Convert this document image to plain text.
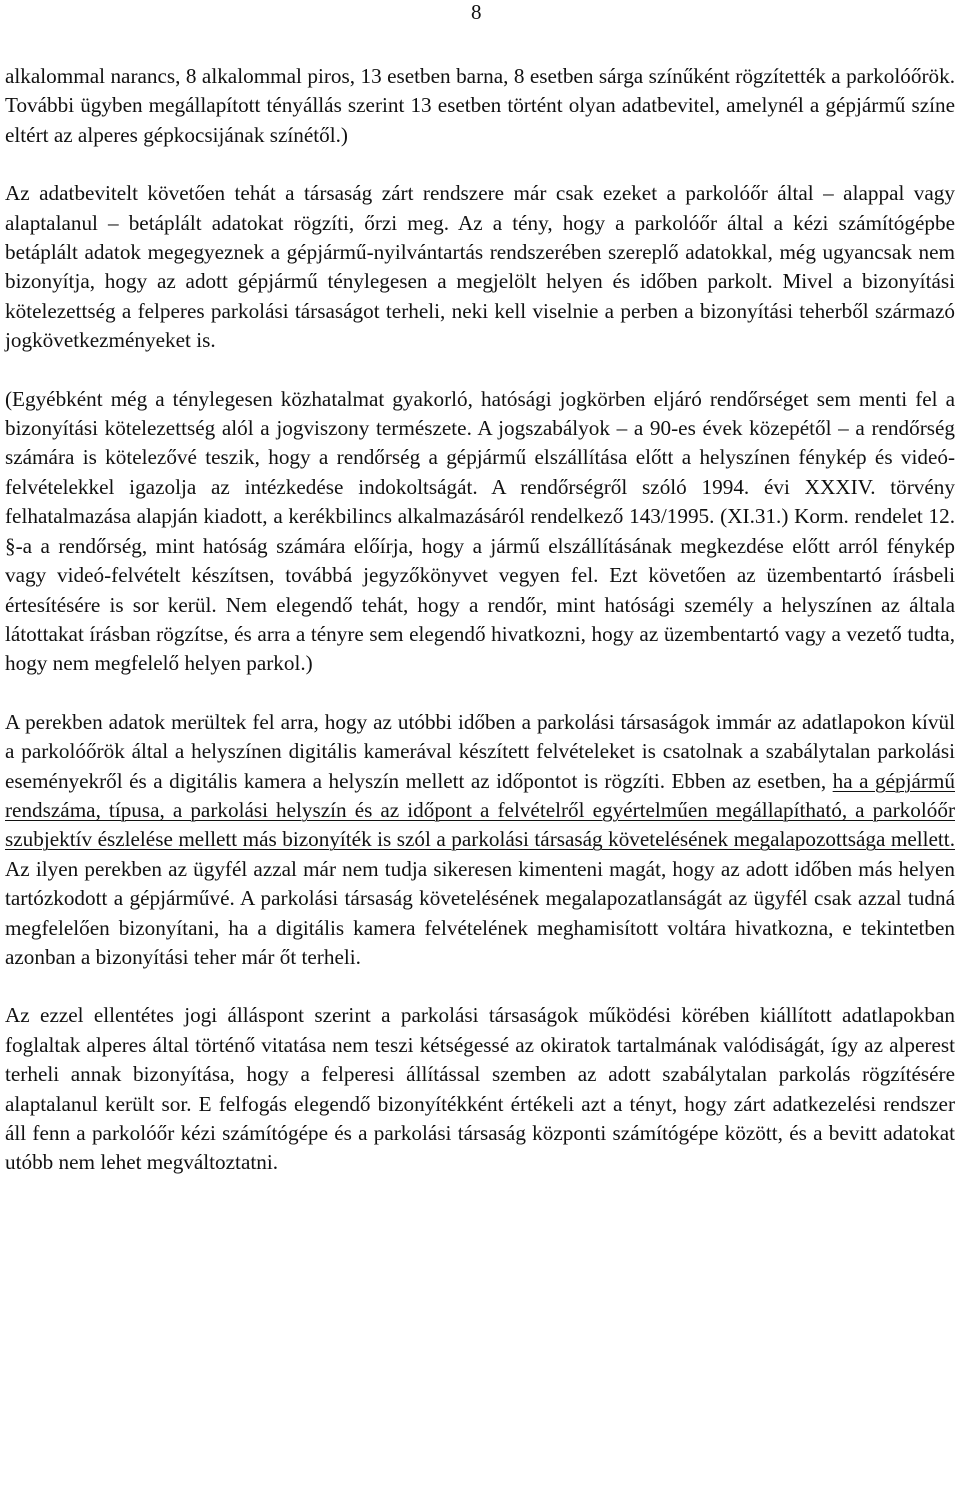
8

alkalommal narancs, 8 alkalommal piros, 13 esetben barna, 8 esetben sárga színűként rögzítették a parkolóőrök. További ügyben megállapított tényállás szerint 13 esetben történt olyan adatbevitel, amelynél a gépjármű színe eltért az alperes gépkocsijának színétől.)

Az adatbevitelt követően tehát a társaság zárt rendszere már csak ezeket a parkolóőr által – alappal vagy alaptalanul – betáplált adatokat rögzíti, őrzi meg. Az a tény, hogy a parkolóőr által a kézi számítógépbe betáplált adatok megegyeznek a gépjármű-nyilvántartás rendszerében szereplő adatokkal, még ugyancsak nem bizonyítja, hogy az adott gépjármű ténylegesen a megjelölt helyen és időben parkolt. Mivel a bizonyítási kötelezettség a felperes parkolási társaságot terheli, neki kell viselnie a perben a bizonyítási teherből származó jogkövetkezményeket is.

(Egyébként még a ténylegesen közhatalmat gyakorló, hatósági jogkörben eljáró rendőrséget sem menti fel a bizonyítási kötelezettség alól a jogviszony természete. A jogszabályok – a 90-es évek közepétől – a rendőrség számára is kötelezővé teszik, hogy a rendőrség a gépjármű elszállítása előtt a helyszínen fénykép és videó-felvételekkel igazolja az intézkedése indokoltságát. A rendőrségről szóló 1994. évi XXXIV. törvény felhatalmazása alapján kiadott, a kerékbilincs alkalmazásáról rendelkező 143/1995. (XI.31.) Korm. rendelet 12. §-a a rendőrség, mint hatóság számára előírja, hogy a jármű elszállításának megkezdése előtt arról fénykép vagy videó-felvételt készítsen, továbbá jegyzőkönyvet vegyen fel. Ezt követően az üzembentartó írásbeli értesítésére is sor kerül. Nem elegendő tehát, hogy a rendőr, mint hatósági személy a helyszínen az általa látottakat írásban rögzítse, és arra a tényre sem elegendő hivatkozni, hogy az üzembentartó vagy a vezető tudta, hogy nem megfelelő helyen parkol.)

A perekben adatok merültek fel arra, hogy az utóbbi időben a parkolási társaságok immár az adatlapokon kívül a parkolóőrök által a helyszínen digitális kamerával készített felvételeket is csatolnak a szabálytalan parkolási eseményekről és a digitális kamera a helyszín mellett az időpontot is rögzíti. Ebben az esetben, ha a gépjármű rendszáma, típusa, a parkolási helyszín és az időpont a felvételről egyértelműen megállapítható, a parkolóőr szubjektív észlelése mellett más bizonyíték is szól a parkolási társaság követelésének megalapozottsága mellett. Az ilyen perekben az ügyfél azzal már nem tudja sikeresen kimenteni magát, hogy az adott időben más helyen tartózkodott a gépjárművé. A parkolási társaság követelésének megalapozatlanságát az ügyfél csak azzal tudná megfelelően bizonyítani, ha a digitális kamera felvételének meghamisított voltára hivatkozna, e tekintetben azonban a bizonyítási teher már őt terheli.

Az ezzel ellentétes jogi álláspont szerint a parkolási társaságok működési körében kiállított adatlapokban foglaltak alperes által történő vitatása nem teszi kétségessé az okiratok tartalmának valódiságát, így az alperest terheli annak bizonyítása, hogy a felperesi állítással szemben az adott szabálytalan parkolás rögzítésére alaptalanul került sor. E felfogás elegendő bizonyítékként értékeli azt a tényt, hogy zárt adatkezelési rendszer áll fenn a parkolóőr kézi számítógépe és a parkolási társaság központi számítógépe között, és a bevitt adatokat utóbb nem lehet megváltoztatni.
